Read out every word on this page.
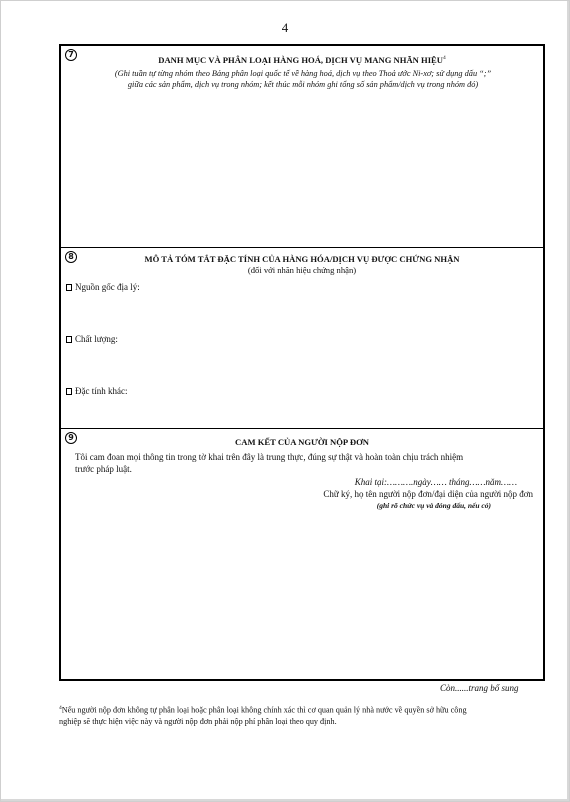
4
7
DANH MỤC VÀ PHÂN LOẠI HÀNG HOÁ, DỊCH VỤ MANG NHÃN HIỆU$^4$
(Ghi tuần tự từng nhóm theo Bảng phân loại quốc tế về hàng hoá, dịch vụ theo Thoả ước Ni-xơ; sử dụng dấu “;”
giữa các sản phẩm, dịch vụ trong nhóm; kết thúc mỗi nhóm ghi tổng số sản phẩm/dịch vụ trong nhóm đó)
8	MÔ TẢ TÓM TẮT ĐẶC TÍNH CỦA HÀNG HÓA/DỊCH VỤ ĐƯỢC CHỨNG NHẬN
(đối với nhãn hiệu chứng nhận)
Nguồn gốc địa lý:
Chất lượng:
Đặc tính khác:
9	CAM KẾT CỦA NGƯỜI NỘP ĐƠN
Tôi cam đoan mọi thông tin trong tờ khai trên đây là trung thực, đúng sự thật và hoàn toàn chịu trách nhiệm
trước pháp luật.
Khai tại:……….ngày…… tháng……năm……
Chữ ký, họ tên người nộp đơn/đại diện của người nộp đơn
(ghi rõ chức vụ và đóng dấu, nếu có)
Còn......trang bổ sung
$^4$Nếu người nộp đơn không tự phân loại hoặc phân loại không chính xác thì cơ quan quản lý nhà nước về quyền sở hữu công
nghiệp sẽ thực hiện việc này và người nộp đơn phải nộp phí phân loại theo quy định.
